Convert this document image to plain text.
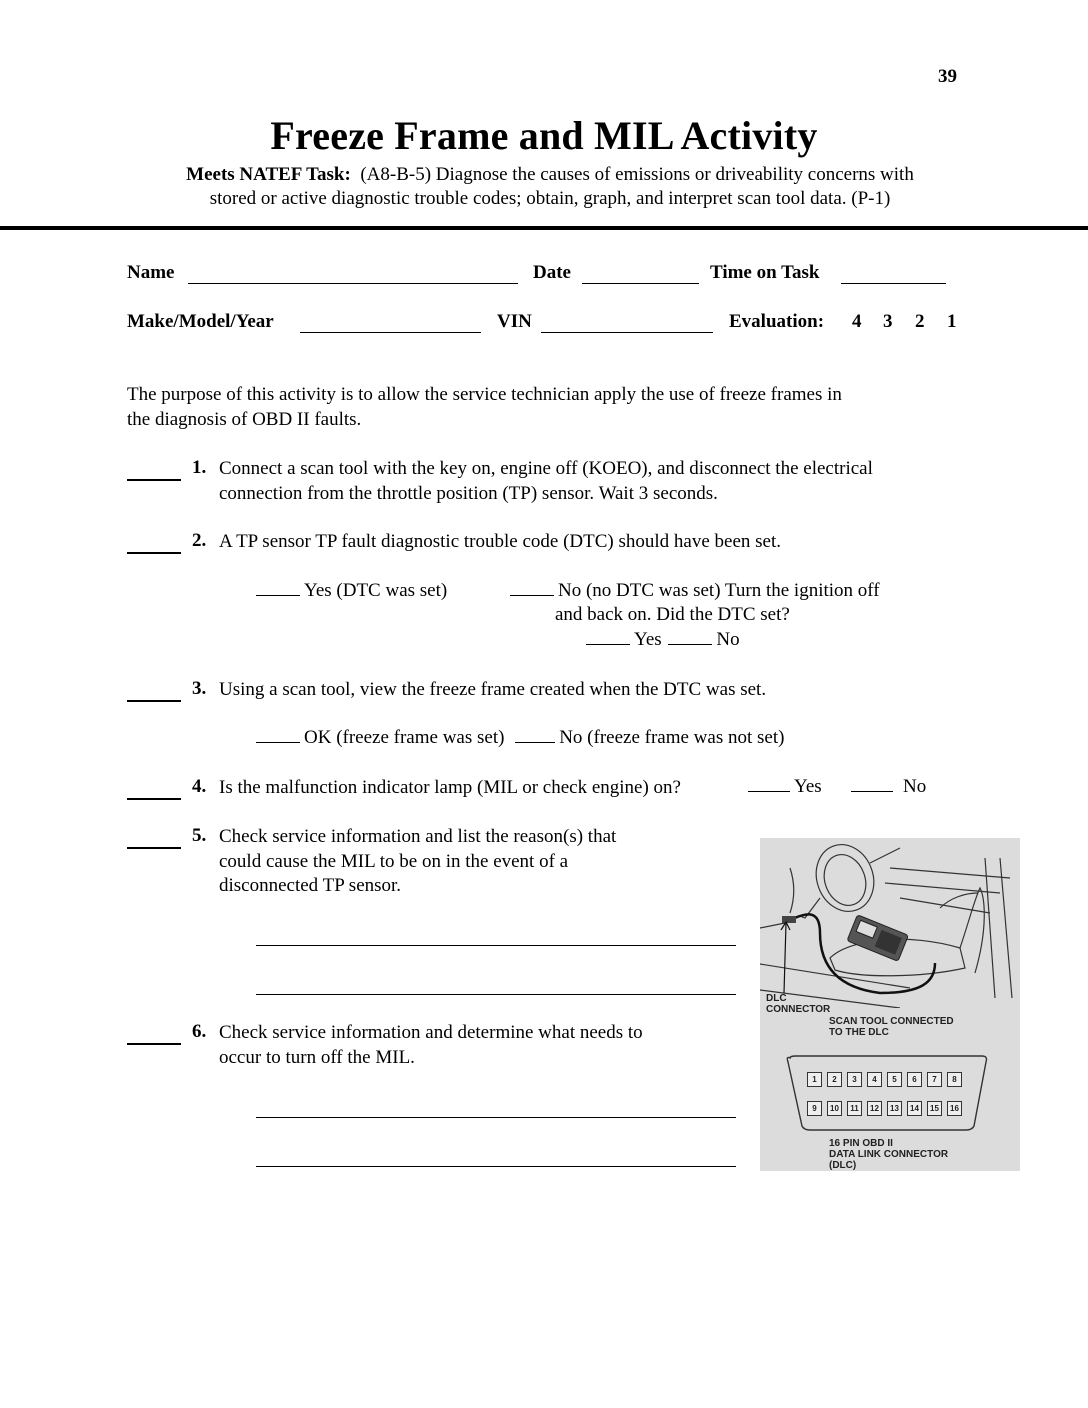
39
Freeze Frame and MIL Activity
Meets NATEF Task: (A8-B-5) Diagnose the causes of emissions or driveability concerns with
stored or active diagnostic trouble codes; obtain, graph, and interpret scan tool data. (P-1)
Name	Date	Time on Task
Make/Model/Year	VIN	Evaluation: 4 3 2 1
The purpose of this activity is to allow the service technician apply the use of freeze frames in
the diagnosis of OBD II faults.
1. Connect a scan tool with the key on, engine off (KOEO), and disconnect the electrical
connection from the throttle position (TP) sensor. Wait 3 seconds.
2. A TP sensor TP fault diagnostic trouble code (DTC) should have been set.
Yes (DTC was set)	No (no DTC was set) Turn the ignition off
and back on. Did the DTC set?
Yes	No
3. Using a scan tool, view the freeze frame created when the DTC was set.
OK (freeze frame was set)	No (freeze frame was not set)
4. Is the malfunction indicator lamp (MIL or check engine) on?	Yes	No
5. Check service information and list the reason(s) that
could cause the MIL to be on in the event of a
disconnected TP sensor.
6. Check service information and determine what needs to
occur to turn off the MIL.
DLC
CONNECTOR
SCAN TOOL CONNECTED
TO THE DLC
1	2	3	4	5	6	7	8
9	10	11	12	13	14	15	16
16 PIN OBD II
DATA LINK CONNECTOR
(DLC)
